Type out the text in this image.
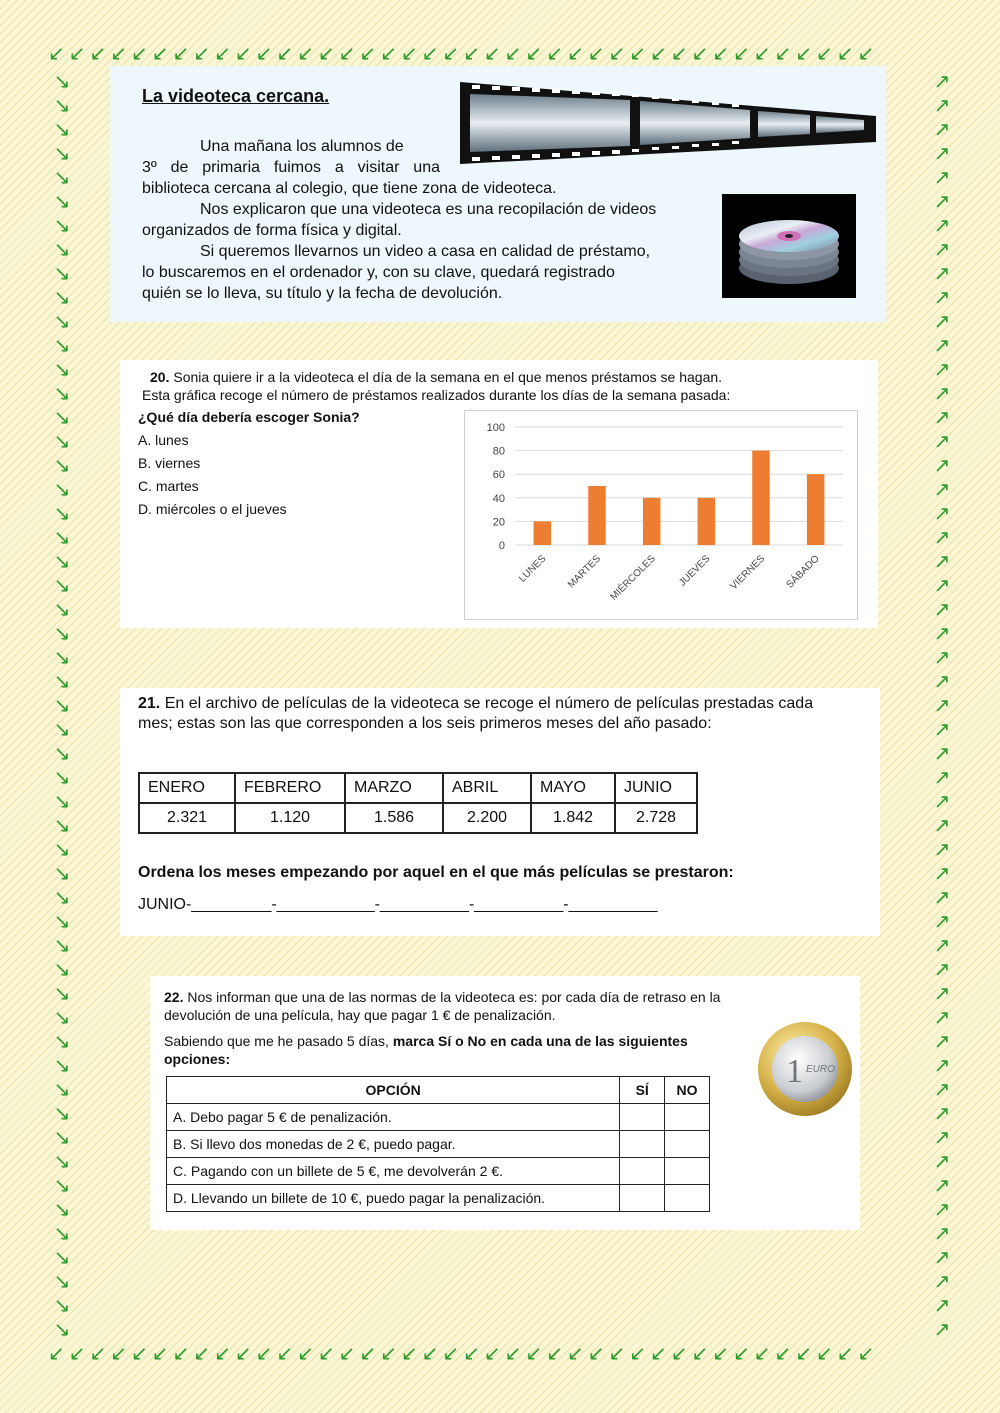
↙↙↙↙↙↙↙↙↙↙↙↙↙↙↙↙↙↙↙↙↙↙↙↙↙↙↙↙↙↙↙↙↙↙↙↙↙↙↙↙
↙↙↙↙↙↙↙↙↙↙↙↙↙↙↙↙↙↙↙↙↙↙↙↙↙↙↙↙↙↙↙↙↙↙↙↙↙↙↙↙
↘↘↘↘↘↘↘↘↘↘↘↘↘↘↘↘↘↘↘↘↘↘↘↘↘↘↘↘↘↘↘↘↘↘↘↘↘↘↘↘↘↘↘↘↘↘↘↘↘↘↘↘↘
↗↗↗↗↗↗↗↗↗↗↗↗↗↗↗↗↗↗↗↗↗↗↗↗↗↗↗↗↗↗↗↗↗↗↗↗↗↗↗↗↗↗↗↗↗↗↗↗↗↗↗↗↗
La videoteca cercana.

Una mañana los alumnos de

3º de primaria fuimos a visitar una

biblioteca cercana al colegio, que tiene zona de videoteca.

Nos explicaron que una videoteca es una recopilación de videos

organizados de forma física y digital.

Si queremos llevarnos un video a casa en calidad de préstamo,

lo buscaremos en el ordenador y, con su clave, quedará registrado

quién se lo lleva, su título y la fecha de devolución.

20. Sonia quiere ir a la videoteca el día de la semana en el que menos préstamos se hagan.

Esta gráfica recoge el número de préstamos realizados durante los días de la semana pasada:

¿Qué día debería escoger Sonia?

A. lunes
B. viernes
C. martes
D. miércoles o el jueves
0
20
40
60
80
100
LUNES MARTES MIÉRCOLES JUEVES VIERNES SÁBADO

21. En el archivo de películas de la videoteca se recoge el número de películas prestadas cada

mes; estas son las que corresponden a los seis primeros meses del año pasado:

ENERO	FEBRERO	MARZO	ABRIL	MAYO	JUNIO
2.321	1.120	1.586	2.200	1.842	2.728

Ordena los meses empezando por aquel en el que más películas se prestaron:

JUNIO-_________-___________-__________-__________-__________

22. Nos informan que una de las normas de la videoteca es: por cada día de retraso en la

devolución de una película, hay que pagar 1 € de penalización.

Sabiendo que me he pasado 5 días, marca Sí o No en cada una de las siguientes

opciones:

OPCIÓN	SÍ	NO
A. Debo pagar 5 € de penalización.		
B. Si llevo dos monedas de 2 €, puedo pagar.		
C. Pagando con un billete de 5 €, me devolverán 2 €.		
D. Llevando un billete de 10 €, puedo pagar la penalización.		
1 EURO
